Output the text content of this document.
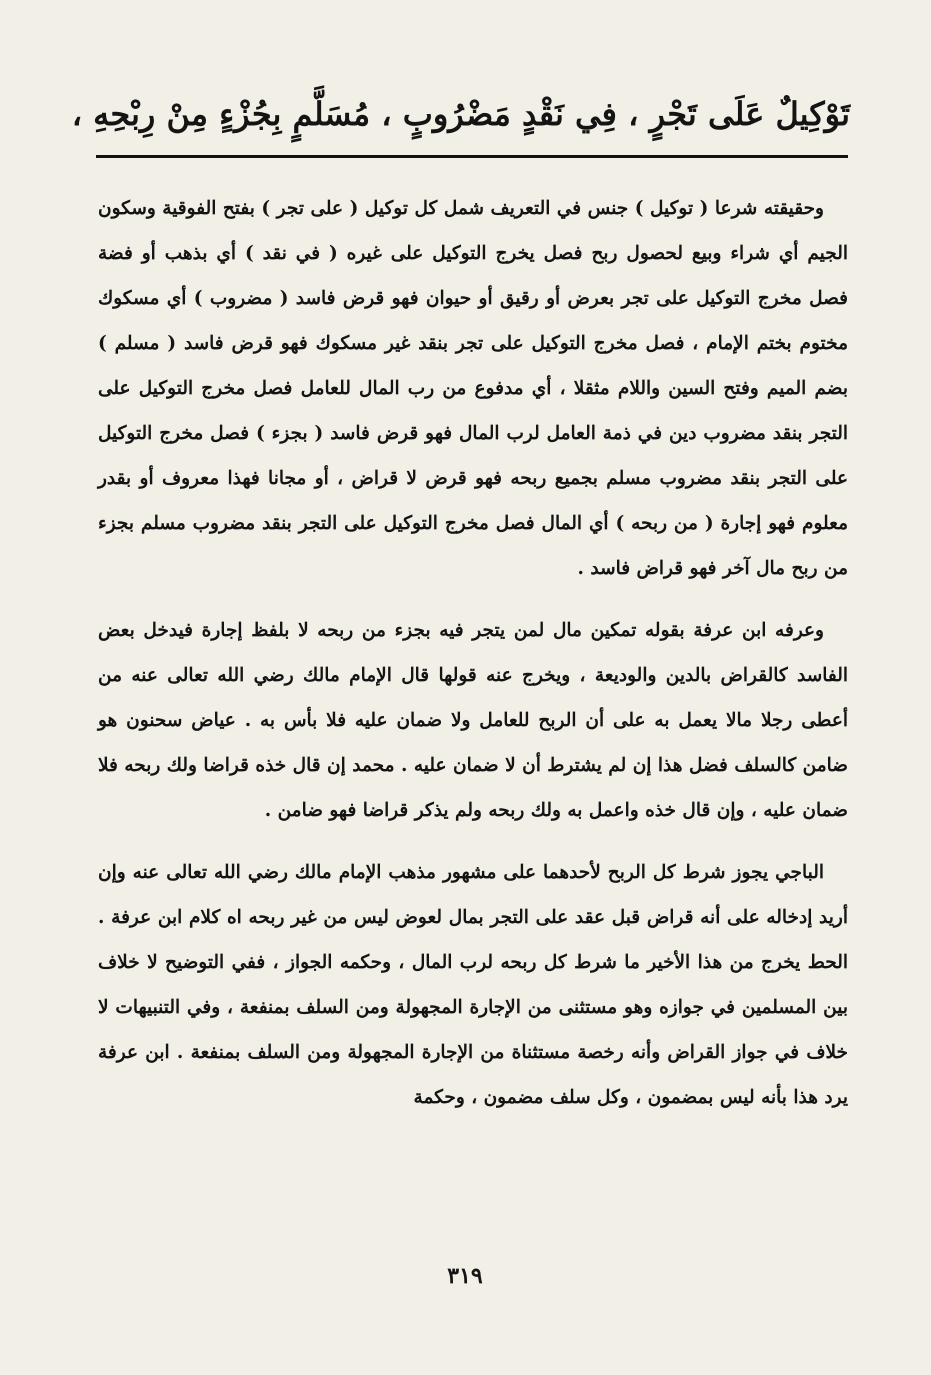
تَوْكِيلٌ عَلَى تَجْرٍ ، فِي نَقْدٍ مَضْرُوبٍ ، مُسَلَّمٍ بِجُزْءٍ مِنْ رِبْحِهِ ،

وحقيقته شرعا ( توكيل ) جنس في التعريف شمل كل توكيل ( على تجر ) بفتح الفوقية وسكون الجيم أي شراء وبيع لحصول ربح فصل يخرج التوكيل على غيره ( في نقد ) أي بذهب أو فضة فصل مخرج التوكيل على تجر بعرض أو رقيق أو حيوان فهو قرض فاسد ( مضروب ) أي مسكوك مختوم بختم الإمام ، فصل مخرج التوكيل على تجر بنقد غير مسكوك فهو قرض فاسد ( مسلم ) بضم الميم وفتح السين واللام مثقلا ، أي مدفوع من رب المال للعامل فصل مخرج التوكيل على التجر بنقد مضروب دين في ذمة العامل لرب المال فهو قرض فاسد ( بجزء ) فصل مخرج التوكيل على التجر بنقد مضروب مسلم بجميع ربحه فهو قرض لا قراض ، أو مجانا فهذا معروف أو بقدر معلوم فهو إجارة ( من ربحه ) أي المال فصل مخرج التوكيل على التجر بنقد مضروب مسلم بجزء من ربح مال آخر فهو قراض فاسد .

وعرفه ابن عرفة بقوله تمكين مال لمن يتجر فيه بجزء من ربحه لا بلفظ إجارة فيدخل بعض الفاسد كالقراض بالدين والوديعة ، ويخرج عنه قولها قال الإمام مالك رضي الله تعالى عنه من أعطى رجلا مالا يعمل به على أن الربح للعامل ولا ضمان عليه فلا بأس به . عياض سحنون هو ضامن كالسلف فضل هذا إن لم يشترط أن لا ضمان عليه . محمد إن قال خذه قراضا ولك ربحه فلا ضمان عليه ، وإن قال خذه واعمل به ولك ربحه ولم يذكر قراضا فهو ضامن .

الباجي يجوز شرط كل الربح لأحدهما على مشهور مذهب الإمام مالك رضي الله تعالى عنه وإن أريد إدخاله على أنه قراض قبل عقد على التجر بمال لعوض ليس من غير ربحه اه كلام ابن عرفة . الحط يخرج من هذا الأخير ما شرط كل ربحه لرب المال ، وحكمه الجواز ، ففي التوضيح لا خلاف بين المسلمين في جوازه وهو مستثنى من الإجارة المجهولة ومن السلف بمنفعة ، وفي التنبيهات لا خلاف في جواز القراض وأنه رخصة مستثناة من الإجارة المجهولة ومن السلف بمنفعة . ابن عرفة يرد هذا بأنه ليس بمضمون ، وكل سلف مضمون ، وحكمة

٣١٩
